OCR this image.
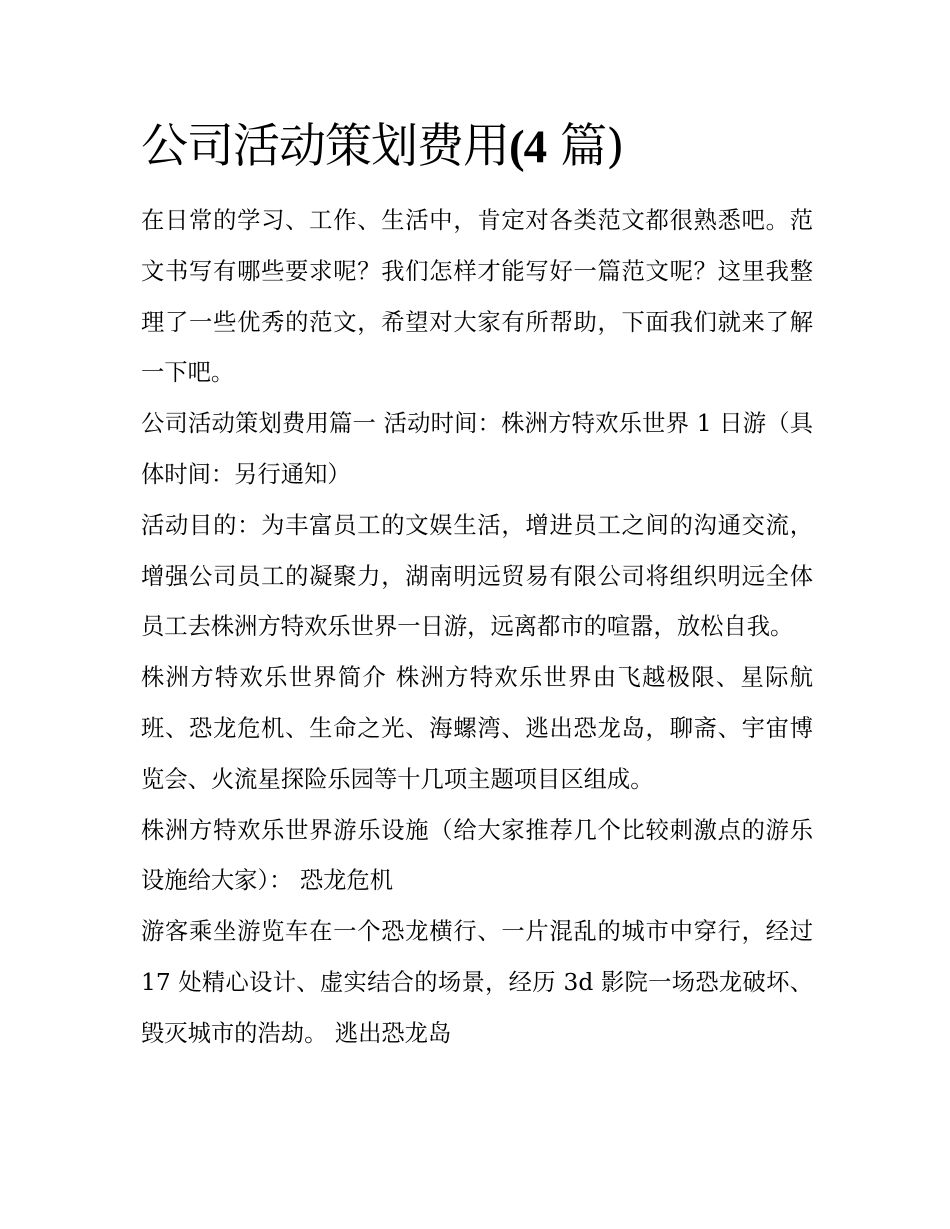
公司活动策划费用(4 篇)

在日常的学习、工作、生活中，肯定对各类范文都很熟悉吧。范文书写有哪些要求呢？我们怎样才能写好一篇范文呢？这里我整理了一些优秀的范文，希望对大家有所帮助，下面我们就来了解一下吧。

公司活动策划费用篇一 活动时间：株洲方特欢乐世界 1 日游（具体时间：另行通知）

活动目的：为丰富员工的文娱生活，增进员工之间的沟通交流，增强公司员工的凝聚力，湖南明远贸易有限公司将组织明远全体员工去株洲方特欢乐世界一日游，远离都市的喧嚣，放松自我。

株洲方特欢乐世界简介 株洲方特欢乐世界由飞越极限、星际航班、恐龙危机、生命之光、海螺湾、逃出恐龙岛，聊斋、宇宙博览会、火流星探险乐园等十几项主题项目区组成。

株洲方特欢乐世界游乐设施（给大家推荐几个比较刺激点的游乐设施给大家）： 恐龙危机

游客乘坐游览车在一个恐龙横行、一片混乱的城市中穿行，经过 17 处精心设计、虚实结合的场景，经历 3d 影院一场恐龙破坏、毁灭城市的浩劫。 逃出恐龙岛
